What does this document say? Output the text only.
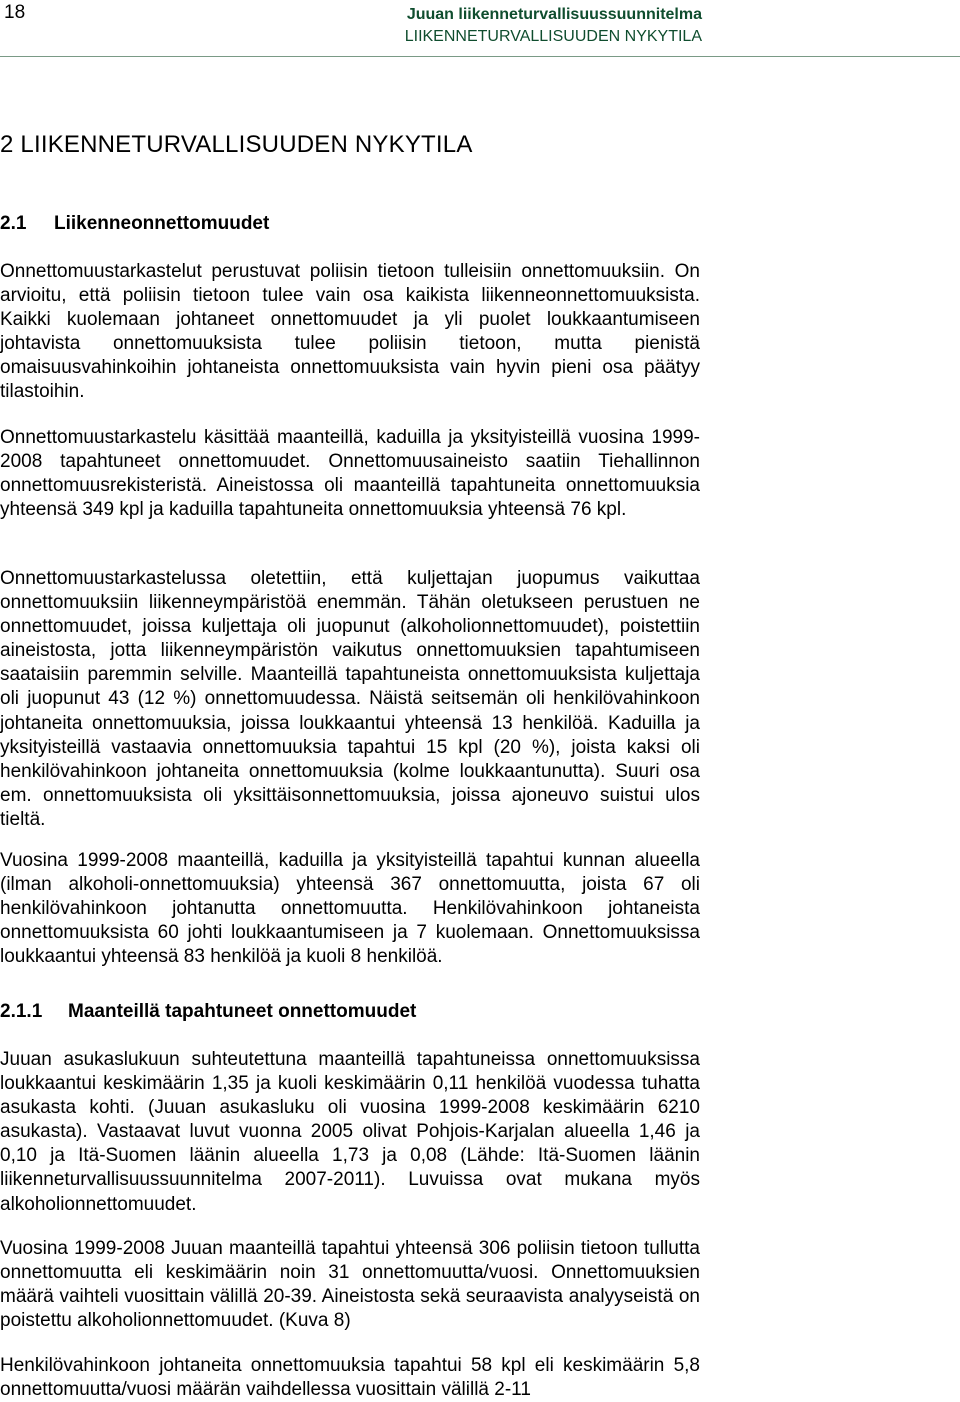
18	Juuan liikenneturvallisuussuunnitelma
LIIKENNETURVALLISUUDEN NYKYTILA
2 LIIKENNETURVALLISUUDEN NYKYTILA
2.1 Liikenneonnettomuudet
Onnettomuustarkastelut perustuvat poliisin tietoon tulleisiin onnettomuuksiin. On arvioitu, että poliisin tietoon tulee vain osa kaikista liikenneonnettomuuksista. Kaikki kuolemaan johtaneet onnettomuudet ja yli puolet loukkaantumiseen johtavista onnettomuuksista tulee poliisin tietoon, mutta pienistä omaisuusvahinkoihin johtaneista onnettomuuksista vain hyvin pieni osa päätyy tilastoihin.
Onnettomuustarkastelu käsittää maanteillä, kaduilla ja yksityisteillä vuosina 1999-2008 tapahtuneet onnettomuudet. Onnettomuusaineisto saatiin Tiehallinnon onnettomuusrekisteristä. Aineistossa oli maanteillä tapahtuneita onnettomuuksia yhteensä 349 kpl ja kaduilla tapahtuneita onnettomuuksia yhteensä 76 kpl.
Onnettomuustarkastelussa oletettiin, että kuljettajan juopumus vaikuttaa onnettomuuksiin liikenneympäristöä enemmän. Tähän oletukseen perustuen ne onnettomuudet, joissa kuljettaja oli juopunut (alkoholionnettomuudet), poistettiin aineistosta, jotta liikenneympäristön vaikutus onnettomuuksien tapahtumiseen saataisiin paremmin selville. Maanteillä tapahtuneista onnettomuuksista kuljettaja oli juopunut 43 (12 %) onnettomuudessa. Näistä seitsemän oli henkilövahinkoon johtaneita onnettomuuksia, joissa loukkaantui yhteensä 13 henkilöä. Kaduilla ja yksityisteillä vastaavia onnettomuuksia tapahtui 15 kpl (20 %), joista kaksi oli henkilövahinkoon johtaneita onnettomuuksia (kolme loukkaantunutta). Suuri osa em. onnettomuuksista oli yksittäisonnettomuuksia, joissa ajoneuvo suistui ulos tieltä.
Vuosina 1999-2008 maanteillä, kaduilla ja yksityisteillä tapahtui kunnan alueella (ilman alkoholi-onnettomuuksia) yhteensä 367 onnettomuutta, joista 67 oli henkilövahinkoon johtanutta onnettomuutta. Henkilövahinkoon johtaneista onnettomuuksista 60 johti loukkaantumiseen ja 7 kuolemaan. Onnettomuuksissa loukkaantui yhteensä 83 henkilöä ja kuoli 8 henkilöä.
2.1.1 Maanteillä tapahtuneet onnettomuudet
Juuan asukaslukuun suhteutettuna maanteillä tapahtuneissa onnettomuuksissa loukkaantui keskimäärin 1,35 ja kuoli keskimäärin 0,11 henkilöä vuodessa tuhatta asukasta kohti. (Juuan asukasluku oli vuosina 1999-2008 keskimäärin 6210 asukasta). Vastaavat luvut vuonna 2005 olivat Pohjois-Karjalan alueella 1,46 ja 0,10 ja Itä-Suomen läänin alueella 1,73 ja 0,08 (Lähde: Itä-Suomen läänin liikenneturvallisuussuunnitelma 2007-2011). Luvuissa ovat mukana myös alkoholionnettomuudet.
Vuosina 1999-2008 Juuan maanteillä tapahtui yhteensä 306 poliisin tietoon tullutta onnettomuutta eli keskimäärin noin 31 onnettomuutta/vuosi. Onnettomuuksien määrä vaihteli vuosittain välillä 20-39. Aineistosta sekä seuraavista analyyseistä on poistettu alkoholionnettomuudet. (Kuva 8)
Henkilövahinkoon johtaneita onnettomuuksia tapahtui 58 kpl eli keskimäärin 5,8 onnettomuutta/vuosi määrän vaihdellessa vuosittain välillä 2-11
